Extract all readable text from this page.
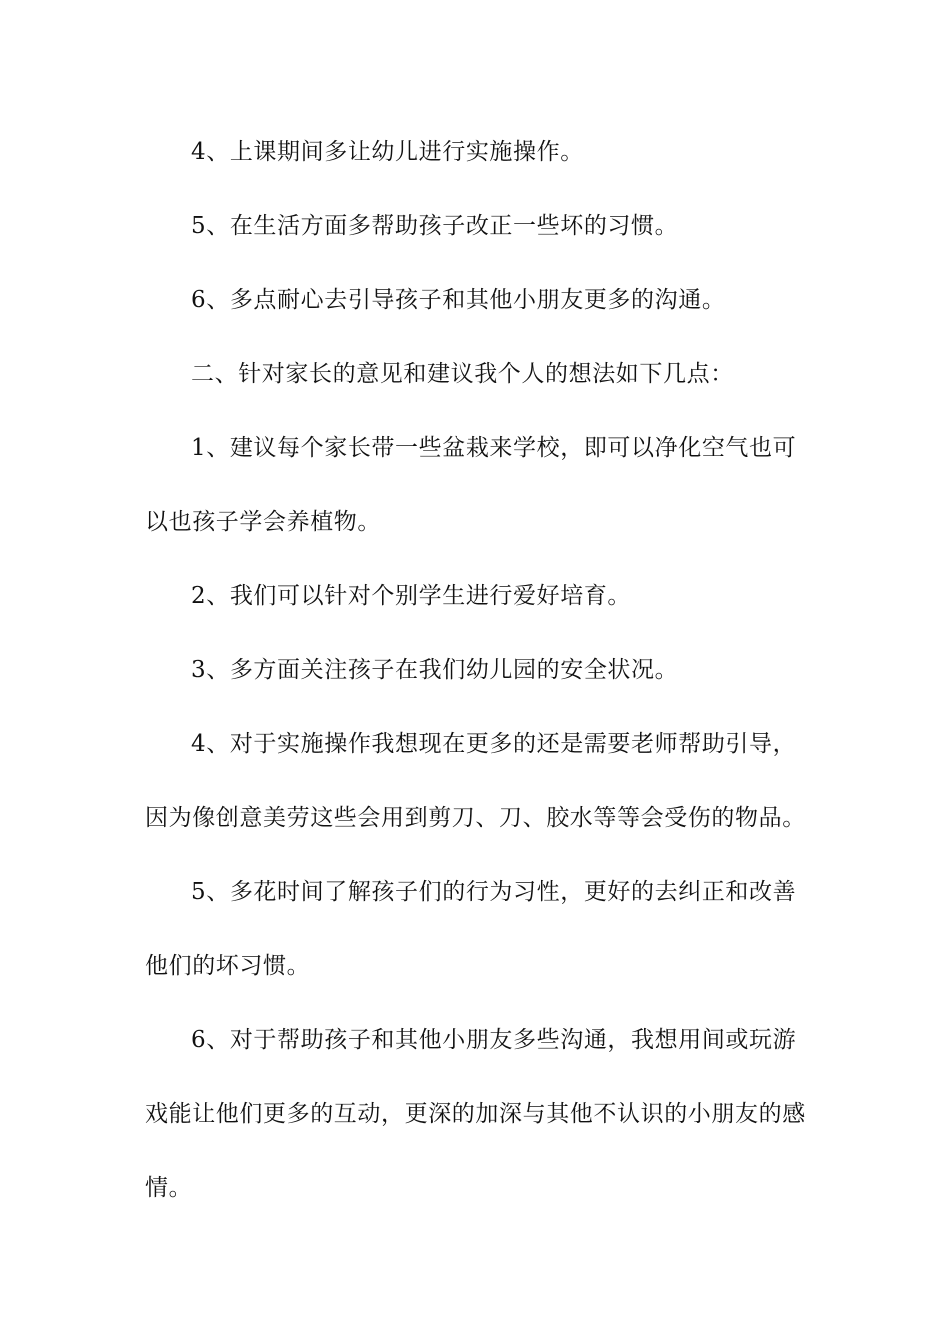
4、上课期间多让幼儿进行实施操作。

5、在生活方面多帮助孩子改正一些坏的习惯。

6、多点耐心去引导孩子和其他小朋友更多的沟通。

二、针对家长的意见和建议我个人的想法如下几点：

1、建议每个家长带一些盆栽来学校，即可以净化空气也可以也孩子学会养植物。

2、我们可以针对个别学生进行爱好培育。

3、多方面关注孩子在我们幼儿园的安全状况。

4、对于实施操作我想现在更多的还是需要老师帮助引导，因为像创意美劳这些会用到剪刀、刀、胶水等等会受伤的物品。

5、多花时间了解孩子们的行为习性，更好的去纠正和改善他们的坏习惯。

6、对于帮助孩子和其他小朋友多些沟通，我想用间或玩游戏能让他们更多的互动，更深的加深与其他不认识的小朋友的感情。
